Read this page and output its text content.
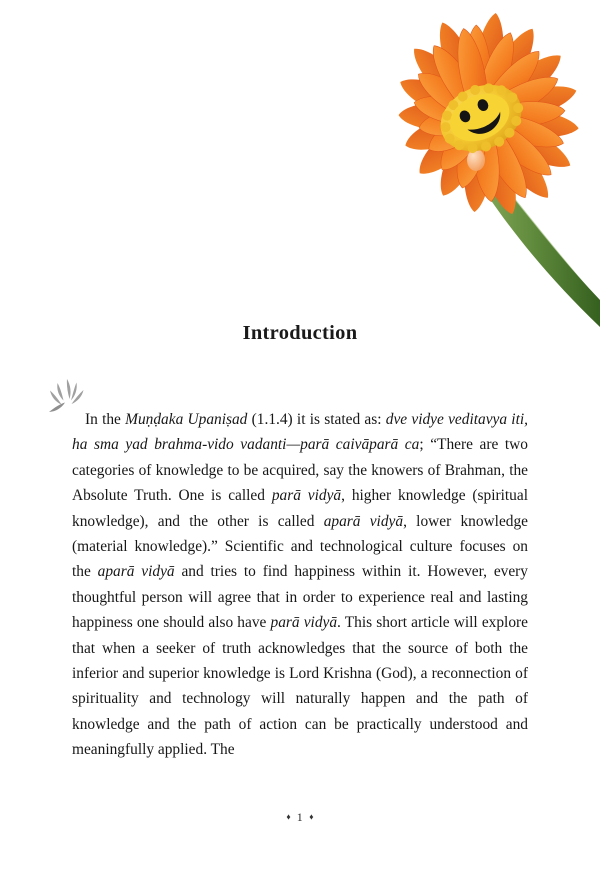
Introduction

In the Muṇḍaka Upaniṣad (1.1.4) it is stated as: dve vidye veditavya iti, ha sma yad brahma-vido vadanti—parā caivāparā ca; “There are two categories of knowledge to be acquired, say the knowers of Brahman, the Absolute Truth. One is called parā vidyā, higher knowledge (spiritual knowledge), and the other is called aparā vidyā, lower knowledge (material knowledge).” Scientific and technological culture focuses on the aparā vidyā and tries to find happiness within it. However, every thoughtful person will agree that in order to experience real and lasting happiness one should also have parā vidyā. This short article will explore that when a seeker of truth acknowledges that the source of both the inferior and superior knowledge is Lord Krishna (God), a reconnection of spirituality and technology will naturally happen and the path of knowledge and the path of action can be practically understood and meaningfully applied. The

♦ 1 ♦
